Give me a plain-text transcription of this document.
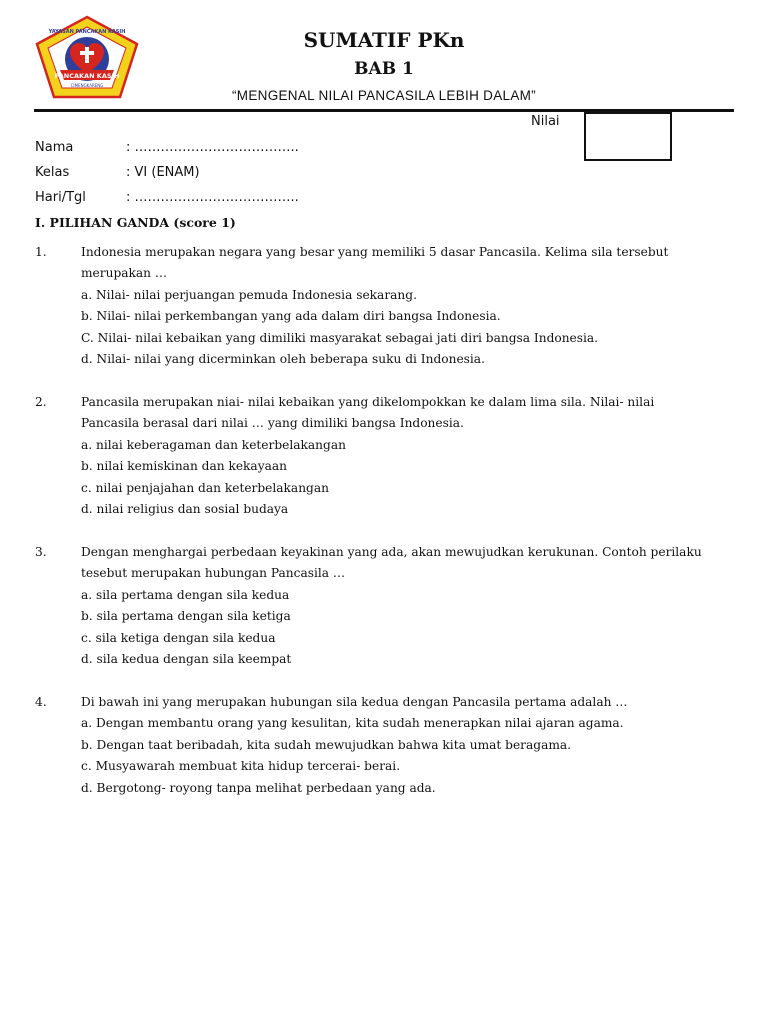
PANCAKAN KASIH
CIMENGKARENG
YAYASAN PANCAKAN KASIH	SUMATIF PKn
BAB 1
“MENGENAL NILAI PANCASILA LEBIH DALAM”
Nilai
Nama	: ………………………………..
Kelas	: VI (ENAM)
Hari/Tgl	: ………………………………..
I. PILIHAN GANDA (score 1)
1.	Indonesia merupakan negara yang besar yang memiliki 5 dasar Pancasila. Kelima sila tersebut
merupakan …
a. Nilai- nilai perjuangan pemuda Indonesia sekarang.
b. Nilai- nilai perkembangan yang ada dalam diri bangsa Indonesia.
C. Nilai- nilai kebaikan yang dimiliki masyarakat sebagai jati diri bangsa Indonesia.
d. Nilai- nilai yang dicerminkan oleh beberapa suku di Indonesia.
2.	Pancasila merupakan niai- nilai kebaikan yang dikelompokkan ke dalam lima sila. Nilai- nilai
Pancasila berasal dari nilai … yang dimiliki bangsa Indonesia.
a. nilai keberagaman dan keterbelakangan
b. nilai kemiskinan dan kekayaan
c. nilai penjajahan dan keterbelakangan
d. nilai religius dan sosial budaya
3.	Dengan menghargai perbedaan keyakinan yang ada, akan mewujudkan kerukunan. Contoh perilaku
tesebut merupakan hubungan Pancasila …
a. sila pertama dengan sila kedua
b. sila pertama dengan sila ketiga
c. sila ketiga dengan sila kedua
d. sila kedua dengan sila keempat
4.	Di bawah ini yang merupakan hubungan sila kedua dengan Pancasila pertama adalah …
a. Dengan membantu orang yang kesulitan, kita sudah menerapkan nilai ajaran agama.
b. Dengan taat beribadah, kita sudah mewujudkan bahwa kita umat beragama.
c. Musyawarah membuat kita hidup tercerai- berai.
d. Bergotong- royong tanpa melihat perbedaan yang ada.
